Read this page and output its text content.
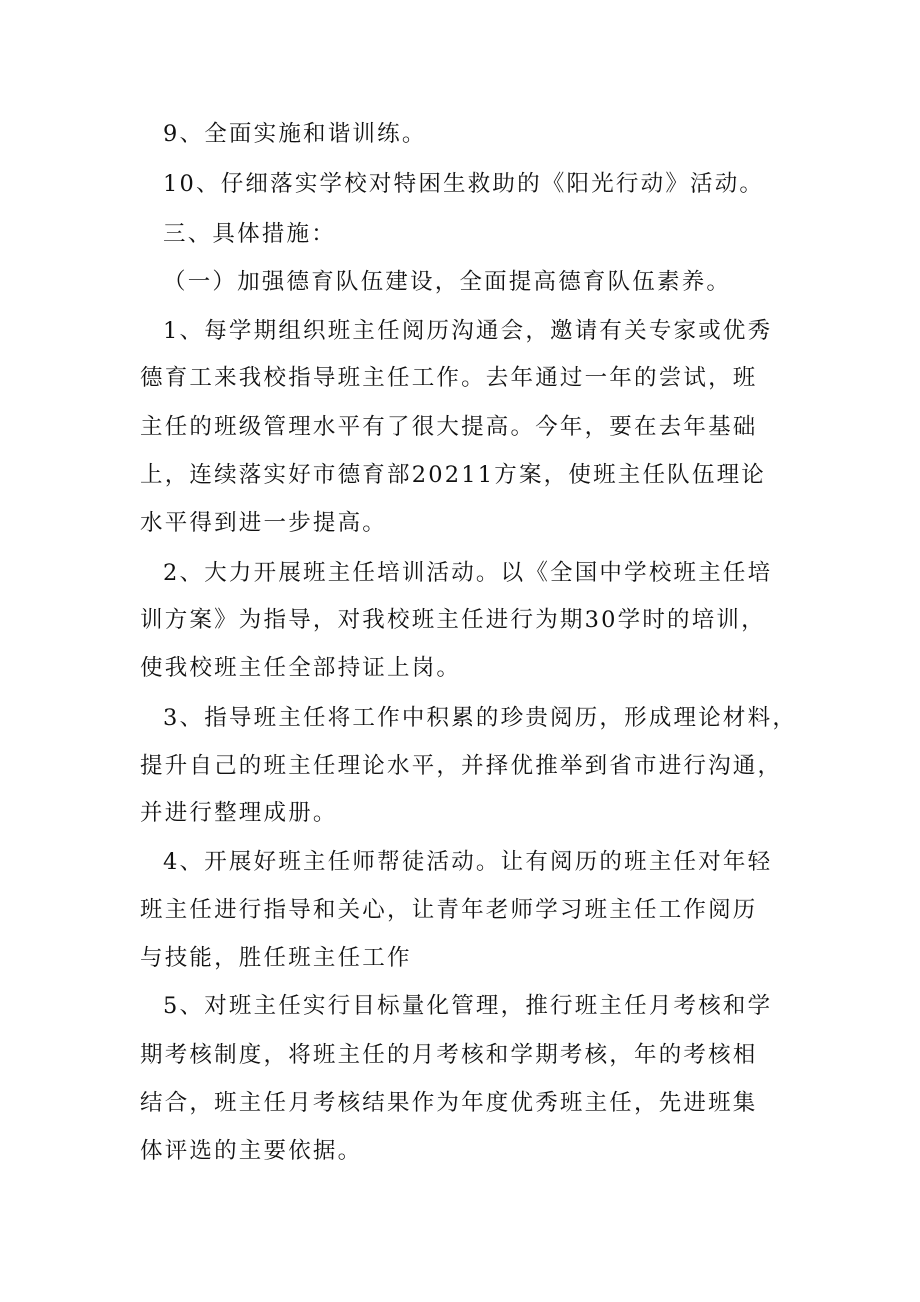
9、全面实施和谐训练。
10、仔细落实学校对特困生救助的《阳光行动》活动。
三、具体措施：
（一）加强德育队伍建设，全面提高德育队伍素养。
1、每学期组织班主任阅历沟通会，邀请有关专家或优秀
德育工来我校指导班主任工作。去年通过一年的尝试，班
主任的班级管理水平有了很大提高。今年，要在去年基础
上，连续落实好市德育部20211方案，使班主任队伍理论
水平得到进一步提高。
2、大力开展班主任培训活动。以《全国中学校班主任培
训方案》为指导，对我校班主任进行为期30学时的培训，
使我校班主任全部持证上岗。
3、指导班主任将工作中积累的珍贵阅历，形成理论材料，
提升自己的班主任理论水平，并择优推举到省市进行沟通，
并进行整理成册。
4、开展好班主任师帮徒活动。让有阅历的班主任对年轻
班主任进行指导和关心，让青年老师学习班主任工作阅历
与技能，胜任班主任工作
5、对班主任实行目标量化管理，推行班主任月考核和学
期考核制度，将班主任的月考核和学期考核，年的考核相
结合，班主任月考核结果作为年度优秀班主任，先进班集
体评选的主要依据。
